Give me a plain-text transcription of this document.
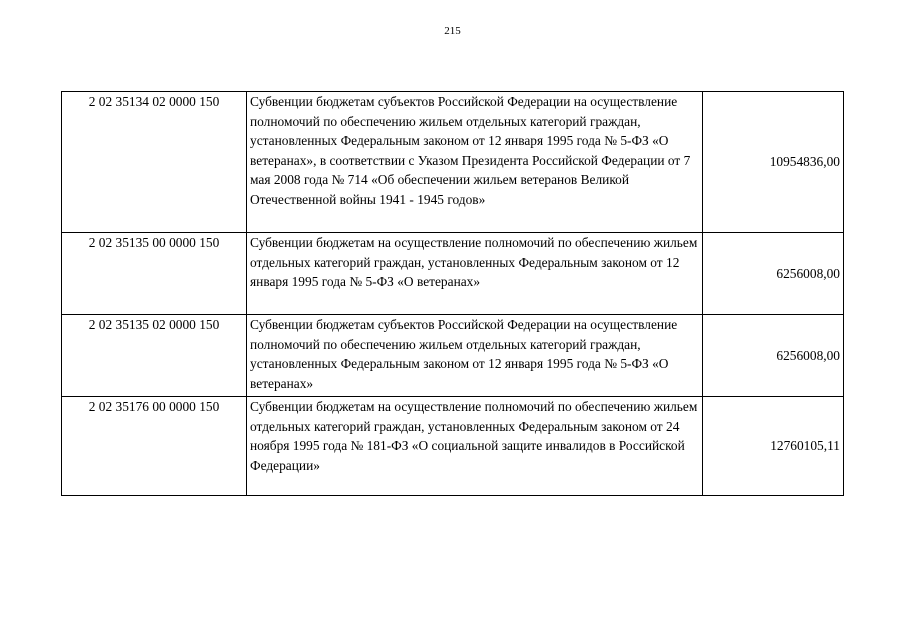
215
2 02 35134 02 0000 150	Субвенции бюджетам субъектов Российской Федерации на осуществление полномочий по обеспечению жильем отдельных категорий граждан, установленных Федеральным законом от 12 января 1995 года № 5-ФЗ «О ветеранах», в соответствии с Указом Президента Российской Федерации от 7 мая 2008 года № 714 «Об обеспечении жильем ветеранов Великой Отечественной войны 1941 - 1945 годов»	10954836,00
2 02 35135 00 0000 150	Субвенции бюджетам на осуществление полномочий по обеспечению жильем отдельных категорий граждан, установленных Федеральным законом от 12 января 1995 года № 5-ФЗ «О ветеранах»	6256008,00
2 02 35135 02 0000 150	Субвенции бюджетам субъектов Российской Федерации на осуществление полномочий по обеспечению жильем отдельных категорий граждан, установленных Федеральным законом от 12 января 1995 года № 5-ФЗ «О ветеранах»	6256008,00
2 02 35176 00 0000 150	Субвенции бюджетам на осуществление полномочий по обеспечению жильем отдельных категорий граждан, установленных Федеральным законом от 24 ноября 1995 года № 181-ФЗ «О социальной защите инвалидов в Российской Федерации»	12760105,11
